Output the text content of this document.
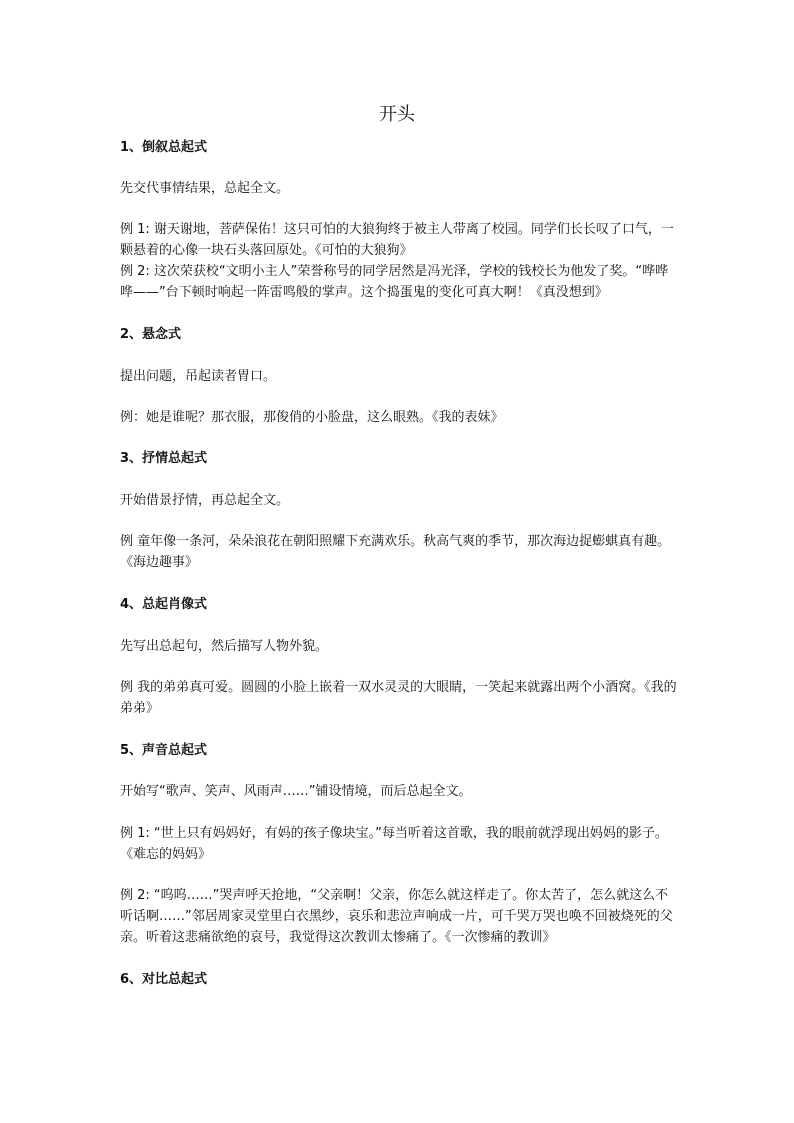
开头
1、倒叙总起式
先交代事情结果，总起全文。
例 1: 谢天谢地，菩萨保佑！这只可怕的大狼狗终于被主人带离了校园。同学们长长叹了口气，一颗悬着的心像一块石头落回原处。《可怕的大狼狗》
例 2: 这次荣获校“文明小主人”荣誉称号的同学居然是冯光泽，学校的钱校长为他发了奖。“哗哗哗——”台下顿时响起一阵雷鸣般的掌声。这个捣蛋鬼的变化可真大啊！《真没想到》
2、悬念式
提出问题，吊起读者胃口。
例：她是谁呢？那衣服，那俊俏的小脸盘，这么眼熟。《我的表妹》
3、抒情总起式
开始借景抒情，再总起全文。
例 童年像一条河，朵朵浪花在朝阳照耀下充满欢乐。秋高气爽的季节，那次海边捉蟛蜞真有趣。《海边趣事》
4、总起肖像式
先写出总起句，然后描写人物外貌。
例 我的弟弟真可爱。圆圆的小脸上嵌着一双水灵灵的大眼睛，一笑起来就露出两个小酒窝。《我的弟弟》
5、声音总起式
开始写“歌声、笑声、风雨声……”铺设情境，而后总起全文。
例 1: “世上只有妈妈好，有妈的孩子像块宝。”每当听着这首歌，我的眼前就浮现出妈妈的影子。《难忘的妈妈》
例 2: “呜呜……”哭声呼天抢地，“父亲啊！父亲，你怎么就这样走了。你太苦了，怎么就这么不听话啊……”邻居周家灵堂里白衣黑纱，哀乐和悲泣声响成一片，可千哭万哭也唤不回被烧死的父亲。听着这悲痛欲绝的哀号，我觉得这次教训太惨痛了。《一次惨痛的教训》
6、对比总起式
